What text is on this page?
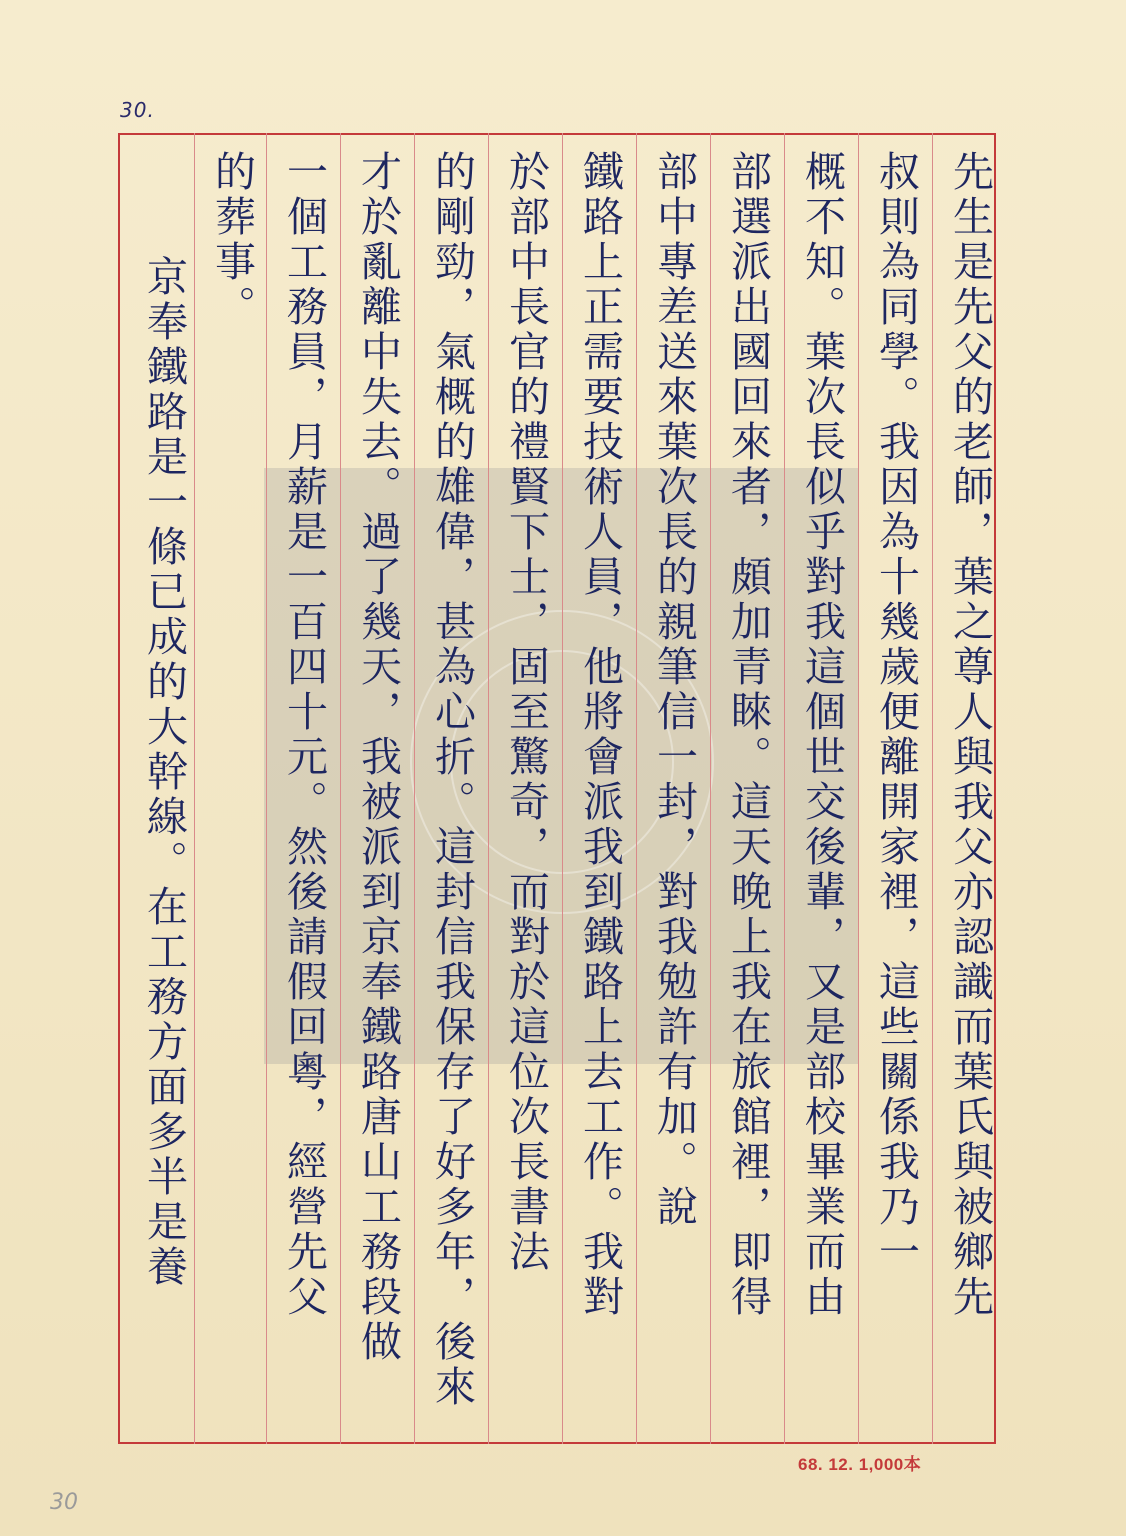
30.
先生是先父的老師，葉之尊人與我父亦認識而葉氏與被鄉先
叔則為同學。我因為十幾歲便離開家裡，這些關係我乃一
概不知。葉次長似乎對我這個世交後輩，又是部校畢業而由
部選派出國回來者，頗加青睞。這天晚上我在旅館裡，即得
部中專差送來葉次長的親筆信一封，對我勉許有加。說
鐵路上正需要技術人員，他將會派我到鐵路上去工作。我對
於部中長官的禮賢下士，固至驚奇，而對於這位次長書法
的剛勁，氣概的雄偉，甚為心折。這封信我保存了好多年，後來
才於亂離中失去。過了幾天，我被派到京奉鐵路唐山工務段做
一個工務員，月薪是一百四十元。然後請假回粵，經營先父
的葬事。
京奉鐵路是一條已成的大幹線。在工務方面多半是養
68. 12. 1,000本
30
